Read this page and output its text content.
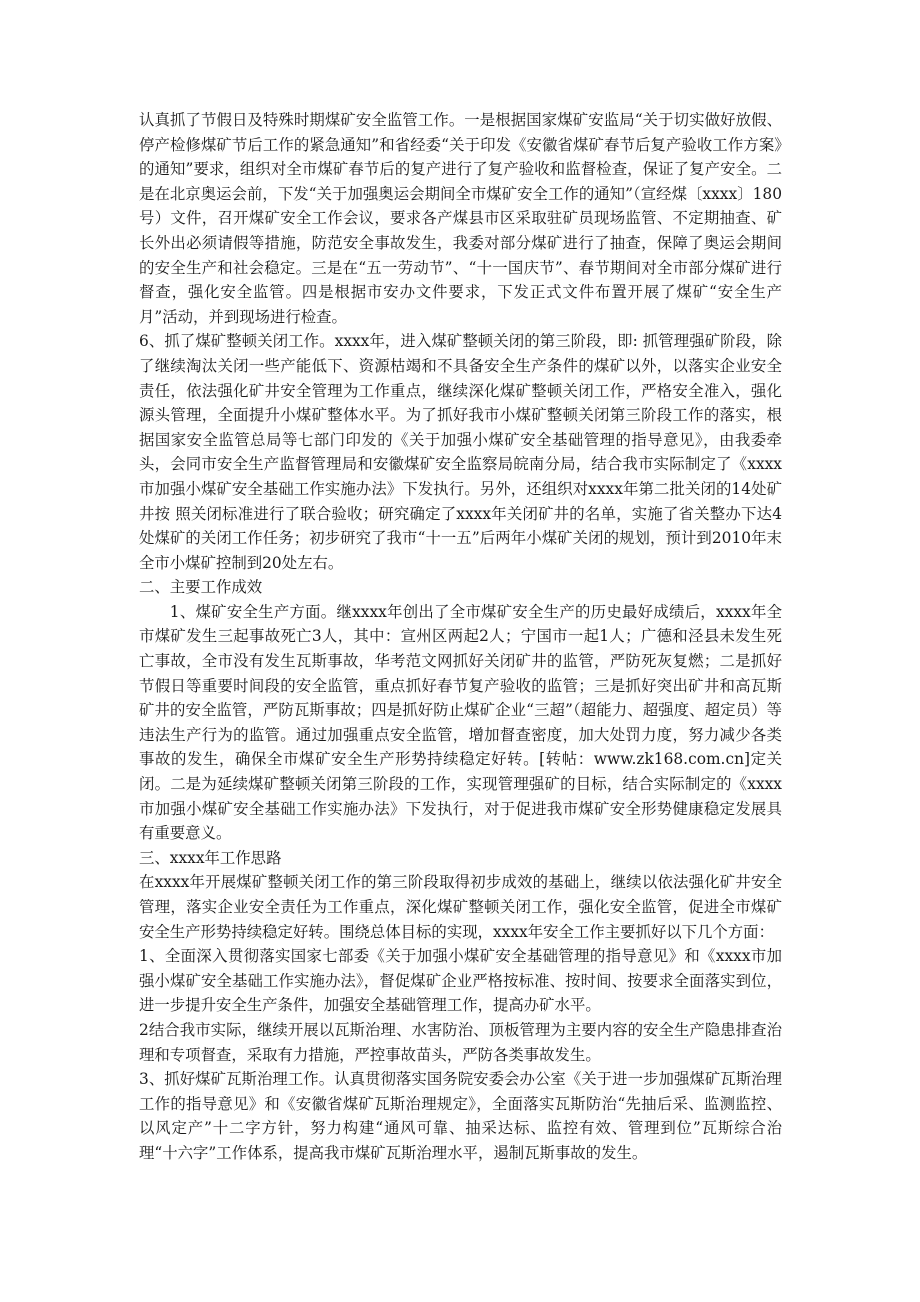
认真抓了节假日及特殊时期煤矿安全监管工作。一是根据国家煤矿安监局“关于切实做好放假、停产检修煤矿节后工作的紧急通知”和省经委“关于印发《安徽省煤矿春节后复产验收工作方案》的通知”要求，组织对全市煤矿春节后的复产进行了复产验收和监督检查，保证了复产安全。二是在北京奥运会前，下发“关于加强奥运会期间全市煤矿安全工作的通知”（宣经煤〔xxxx〕180号）文件，召开煤矿安全工作会议，要求各产煤县市区采取驻矿员现场监管、不定期抽查、矿长外出必须请假等措施，防范安全事故发生，我委对部分煤矿进行了抽查，保障了奥运会期间的安全生产和社会稳定。三是在“五一劳动节”、“十一国庆节”、春节期间对全市部分煤矿进行督查，强化安全监管。四是根据市安办文件要求，下发正式文件布置开展了煤矿“安全生产月”活动，并到现场进行检查。

6、抓了煤矿整顿关闭工作。xxxx年，进入煤矿整顿关闭的第三阶段，即: 抓管理强矿阶段，除了继续淘汰关闭一些产能低下、资源枯竭和不具备安全生产条件的煤矿以外，以落实企业安全责任，依法强化矿井安全管理为工作重点，继续深化煤矿整顿关闭工作，严格安全准入，强化源头管理，全面提升小煤矿整体水平。为了抓好我市小煤矿整顿关闭第三阶段工作的落实，根据国家安全监管总局等七部门印发的《关于加强小煤矿安全基础管理的指导意见》，由我委牵头，会同市安全生产监督管理局和安徽煤矿安全监察局皖南分局，结合我市实际制定了《xxxx市加强小煤矿安全基础工作实施办法》下发执行。另外，还组织对xxxx年第二批关闭的14处矿井按 照关闭标准进行了联合验收；研究确定了xxxx年关闭矿井的名单，实施了省关整办下达4处煤矿的关闭工作任务；初步研究了我市“十一五”后两年小煤矿关闭的规划，预计到2010年末全市小煤矿控制到20处左右。

二、主要工作成效

1、煤矿安全生产方面。继xxxx年创出了全市煤矿安全生产的历史最好成绩后，xxxx年全市煤矿发生三起事故死亡3人，其中：宣州区两起2人；宁国市一起1人；广德和泾县未发生死亡事故，全市没有发生瓦斯事故，华考范文网抓好关闭矿井的监管，严防死灰复燃；二是抓好节假日等重要时间段的安全监管，重点抓好春节复产验收的监管；三是抓好突出矿井和高瓦斯矿井的安全监管，严防瓦斯事故；四是抓好防止煤矿企业“三超”（超能力、超强度、超定员）等违法生产行为的监管。通过加强重点安全监管，增加督查密度，加大处罚力度，努力减少各类事故的发生，确保全市煤矿安全生产形势持续稳定好转。[转帖：www.zk168.com.cn]定关闭。二是为延续煤矿整顿关闭第三阶段的工作，实现管理强矿的目标，结合实际制定的《xxxx市加强小煤矿安全基础工作实施办法》下发执行，对于促进我市煤矿安全形势健康稳定发展具有重要意义。

三、xxxx年工作思路

在xxxx年开展煤矿整顿关闭工作的第三阶段取得初步成效的基础上，继续以依法强化矿井安全管理，落实企业安全责任为工作重点，深化煤矿整顿关闭工作，强化安全监管，促进全市煤矿安全生产形势持续稳定好转。围绕总体目标的实现，xxxx年安全工作主要抓好以下几个方面：

1、全面深入贯彻落实国家七部委《关于加强小煤矿安全基础管理的指导意见》和《xxxx市加强小煤矿安全基础工作实施办法》，督促煤矿企业严格按标准、按时间、按要求全面落实到位，进一步提升安全生产条件，加强安全基础管理工作，提高办矿水平。

2结合我市实际，继续开展以瓦斯治理、水害防治、顶板管理为主要内容的安全生产隐患排查治理和专项督查，采取有力措施，严控事故苗头，严防各类事故发生。

3、抓好煤矿瓦斯治理工作。认真贯彻落实国务院安委会办公室《关于进一步加强煤矿瓦斯治理工作的指导意见》和《安徽省煤矿瓦斯治理规定》，全面落实瓦斯防治“先抽后采、监测监控、以风定产”十二字方针，努力构建“通风可靠、抽采达标、监控有效、管理到位”瓦斯综合治理“十六字”工作体系，提高我市煤矿瓦斯治理水平，遏制瓦斯事故的发生。
